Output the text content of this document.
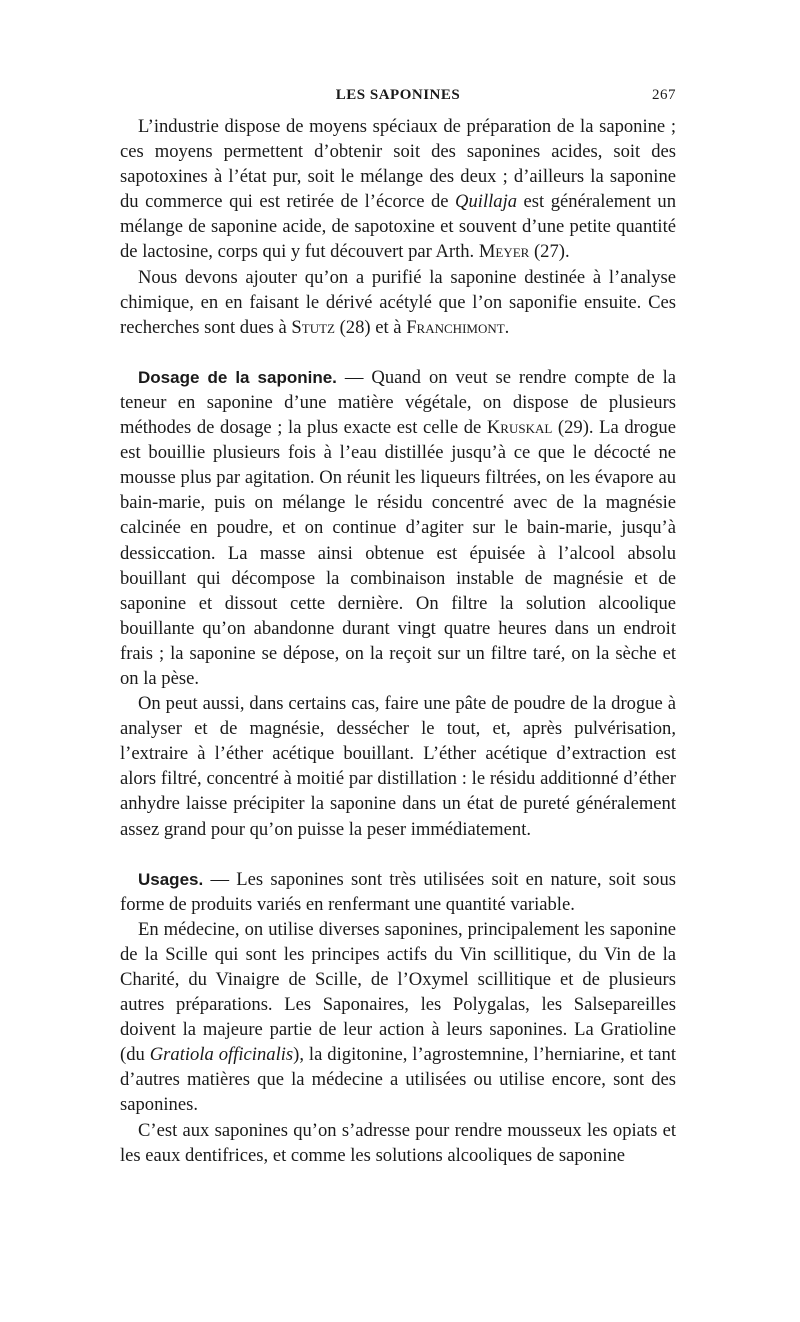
LES SAPONINES	267

L’industrie dispose de moyens spéciaux de préparation de la saponine ; ces moyens permettent d’obtenir soit des saponines acides, soit des sapotoxines à l’état pur, soit le mélange des deux ; d’ailleurs la saponine du commerce qui est retirée de l’écorce de Quillaja est généralement un mélange de saponine acide, de sapotoxine et souvent d’une petite quantité de lactosine, corps qui y fut découvert par Arth. Meyer (27).

Nous devons ajouter qu’on a purifié la saponine destinée à l’analyse chimique, en en faisant le dérivé acétylé que l’on saponifie ensuite. Ces recherches sont dues à Stutz (28) et à Franchimont.

Dosage de la saponine. — Quand on veut se rendre compte de la teneur en saponine d’une matière végétale, on dispose de plusieurs méthodes de dosage ; la plus exacte est celle de Kruskal (29). La drogue est bouillie plusieurs fois à l’eau distillée jusqu’à ce que le décocté ne mousse plus par agitation. On réunit les liqueurs filtrées, on les évapore au bain-marie, puis on mélange le résidu concentré avec de la magnésie calcinée en poudre, et on continue d’agiter sur le bain-marie, jusqu’à dessiccation. La masse ainsi obtenue est épuisée à l’alcool absolu bouillant qui décompose la combinaison instable de magnésie et de saponine et dissout cette dernière. On filtre la solution alcoolique bouillante qu’on abandonne durant vingt quatre heures dans un endroit frais ; la saponine se dépose, on la reçoit sur un filtre taré, on la sèche et on la pèse.

On peut aussi, dans certains cas, faire une pâte de poudre de la drogue à analyser et de magnésie, dessécher le tout, et, après pulvérisation, l’extraire à l’éther acétique bouillant. L’éther acétique d’extraction est alors filtré, concentré à moitié par distillation : le résidu additionné d’éther anhydre laisse précipiter la saponine dans un état de pureté généralement assez grand pour qu’on puisse la peser immédiatement.

Usages. — Les saponines sont très utilisées soit en nature, soit sous forme de produits variés en renfermant une quantité variable.

En médecine, on utilise diverses saponines, principalement les saponine de la Scille qui sont les principes actifs du Vin scillitique, du Vin de la Charité, du Vinaigre de Scille, de l’Oxymel scillitique et de plusieurs autres préparations. Les Saponaires, les Polygalas, les Salsepareilles doivent la majeure partie de leur action à leurs saponines. La Gratioline (du Gratiola officinalis), la digitonine, l’agrostemnine, l’herniarine, et tant d’autres matières que la médecine a utilisées ou utilise encore, sont des saponines.

C’est aux saponines qu’on s’adresse pour rendre mousseux les opiats et les eaux dentifrices, et comme les solutions alcooliques de saponine
